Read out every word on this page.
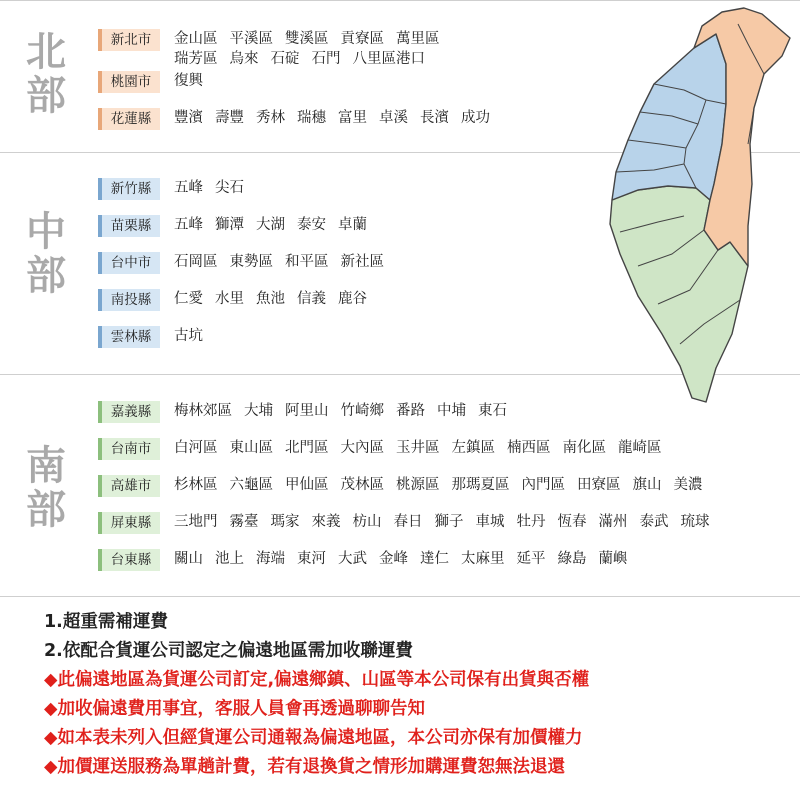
北
部
新北市	金山區 平溪區 雙溪區 貢寮區 萬里區
瑞芳區 烏來 石碇 石門 八里區港口
桃園市	復興
花蓮縣	豐濱 壽豐 秀林 瑞穗 富里 卓溪 長濱 成功
中
部
新竹縣	五峰 尖石
苗栗縣	五峰 獅潭 大湖 泰安 卓蘭
台中市	石岡區 東勢區 和平區 新社區
南投縣	仁愛 水里 魚池 信義 鹿谷
雲林縣	古坑
南
部
嘉義縣	梅林郊區 大埔 阿里山 竹崎鄉 番路 中埔 東石
台南市	白河區 東山區 北門區 大內區 玉井區 左鎮區 楠西區 南化區 龍崎區
高雄市	杉林區 六龜區 甲仙區 茂林區 桃源區 那瑪夏區 內門區 田寮區 旗山 美濃
屏東縣	三地門 霧臺 瑪家 來義 枋山 春日 獅子 車城 牡丹 恆春 滿州 泰武 琉球
台東縣	關山 池上 海端 東河 大武 金峰 達仁 太麻里 延平 綠島 蘭嶼
1.超重需補運費
2.依配合貨運公司認定之偏遠地區需加收聯運費
◆此偏遠地區為貨運公司訂定,偏遠鄉鎮、山區等本公司保有出貨與否權
◆加收偏遠費用事宜，客服人員會再透過聊聊告知
◆如本表未列入但經貨運公司通報為偏遠地區，本公司亦保有加價權力
◆加價運送服務為單趟計費，若有退換貨之情形加購運費恕無法退還
